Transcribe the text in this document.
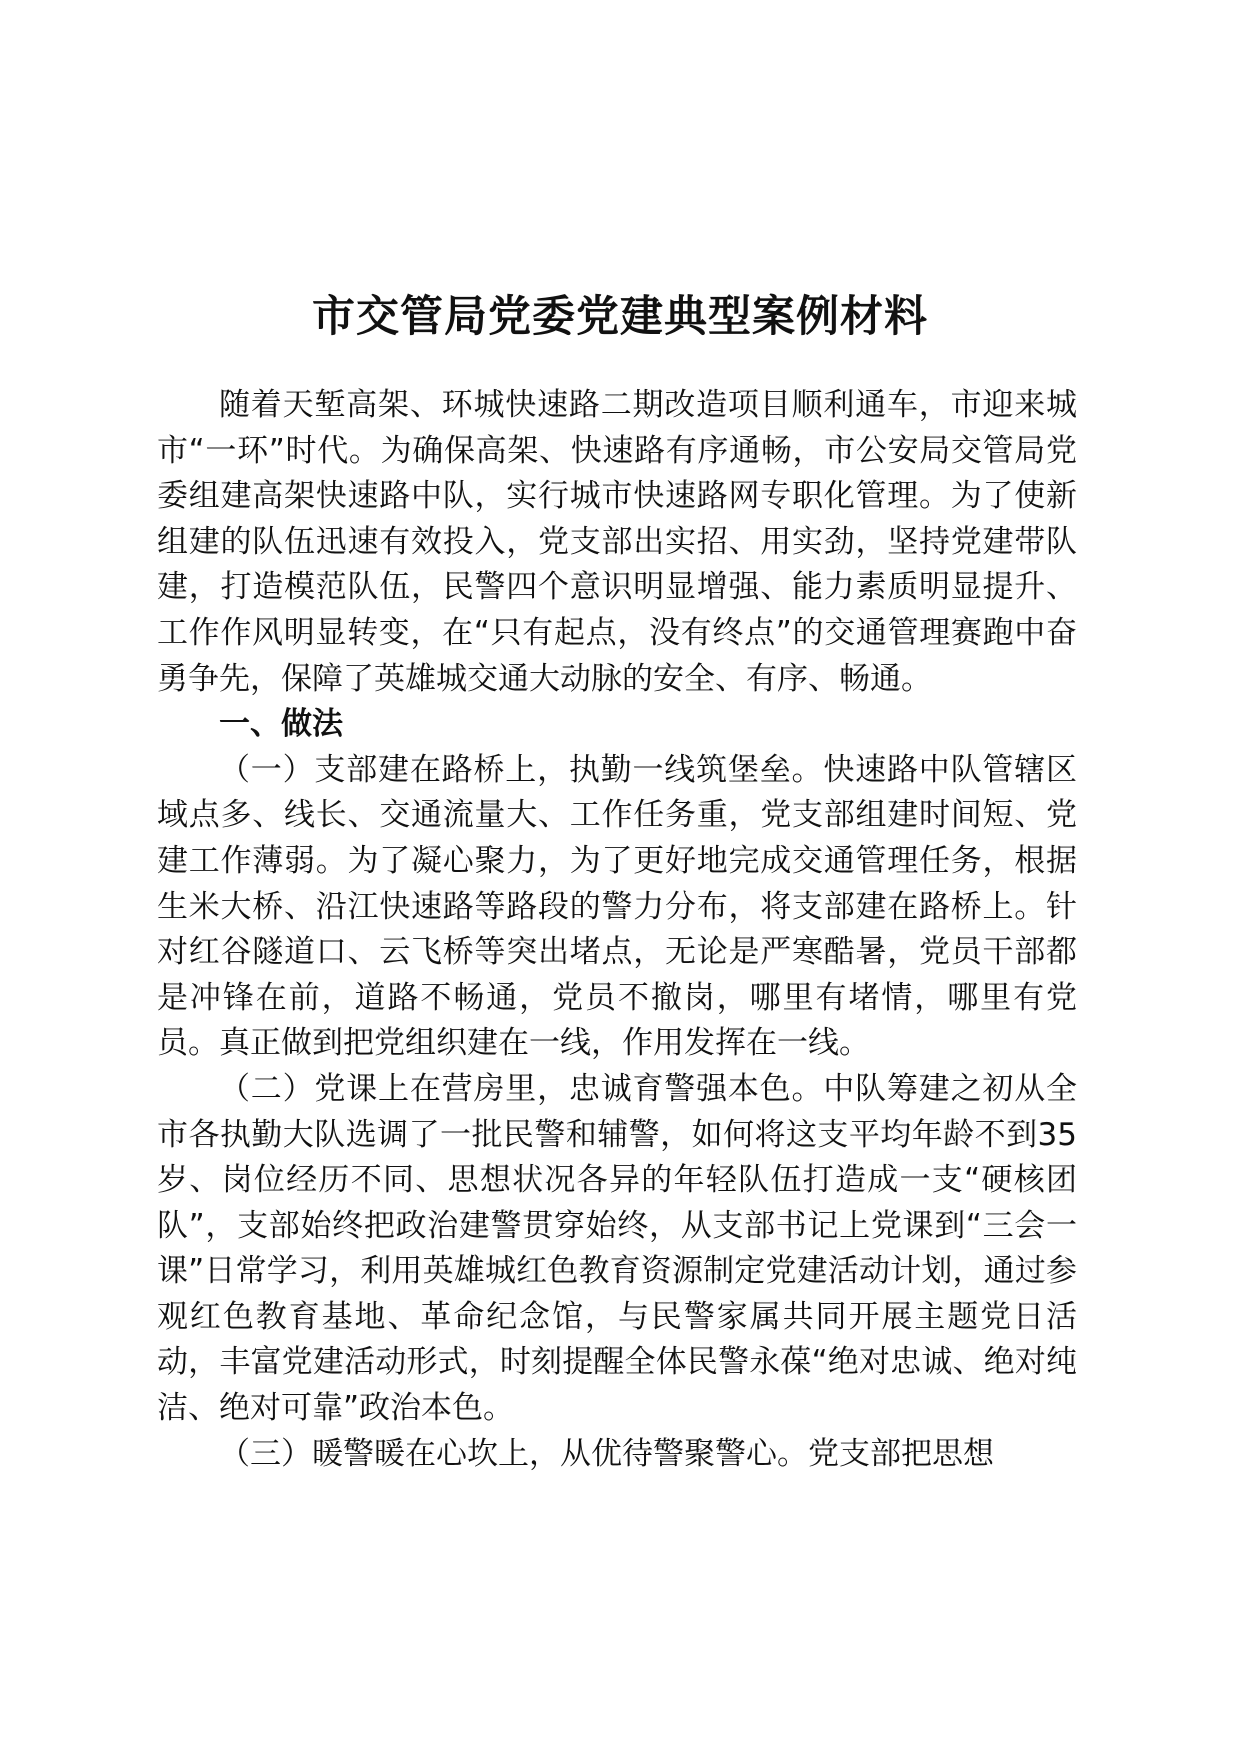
市交管局党委党建典型案例材料

随着天堑高架、环城快速路二期改造项目顺利通车，市迎来城市“一环”时代。为确保高架、快速路有序通畅，市公安局交管局党委组建高架快速路中队，实行城市快速路网专职化管理。为了使新组建的队伍迅速有效投入，党支部出实招、用实劲，坚持党建带队建，打造模范队伍，民警四个意识明显增强、能力素质明显提升、工作作风明显转变，在“只有起点，没有终点”的交通管理赛跑中奋勇争先，保障了英雄城交通大动脉的安全、有序、畅通。

一、做法

（一）支部建在路桥上，执勤一线筑堡垒。快速路中队管辖区域点多、线长、交通流量大、工作任务重，党支部组建时间短、党建工作薄弱。为了凝心聚力，为了更好地完成交通管理任务，根据生米大桥、沿江快速路等路段的警力分布，将支部建在路桥上。针对红谷隧道口、云飞桥等突出堵点，无论是严寒酷暑，党员干部都是冲锋在前，道路不畅通，党员不撤岗，哪里有堵情，哪里有党员。真正做到把党组织建在一线，作用发挥在一线。

（二）党课上在营房里，忠诚育警强本色。中队筹建之初从全市各执勤大队选调了一批民警和辅警，如何将这支平均年龄不到35岁、岗位经历不同、思想状况各异的年轻队伍打造成一支“硬核团队”，支部始终把政治建警贯穿始终，从支部书记上党课到“三会一课”日常学习，利用英雄城红色教育资源制定党建活动计划，通过参观红色教育基地、革命纪念馆，与民警家属共同开展主题党日活动，丰富党建活动形式，时刻提醒全体民警永葆“绝对忠诚、绝对纯洁、绝对可靠”政治本色。

（三）暖警暖在心坎上，从优待警聚警心。党支部把思想
